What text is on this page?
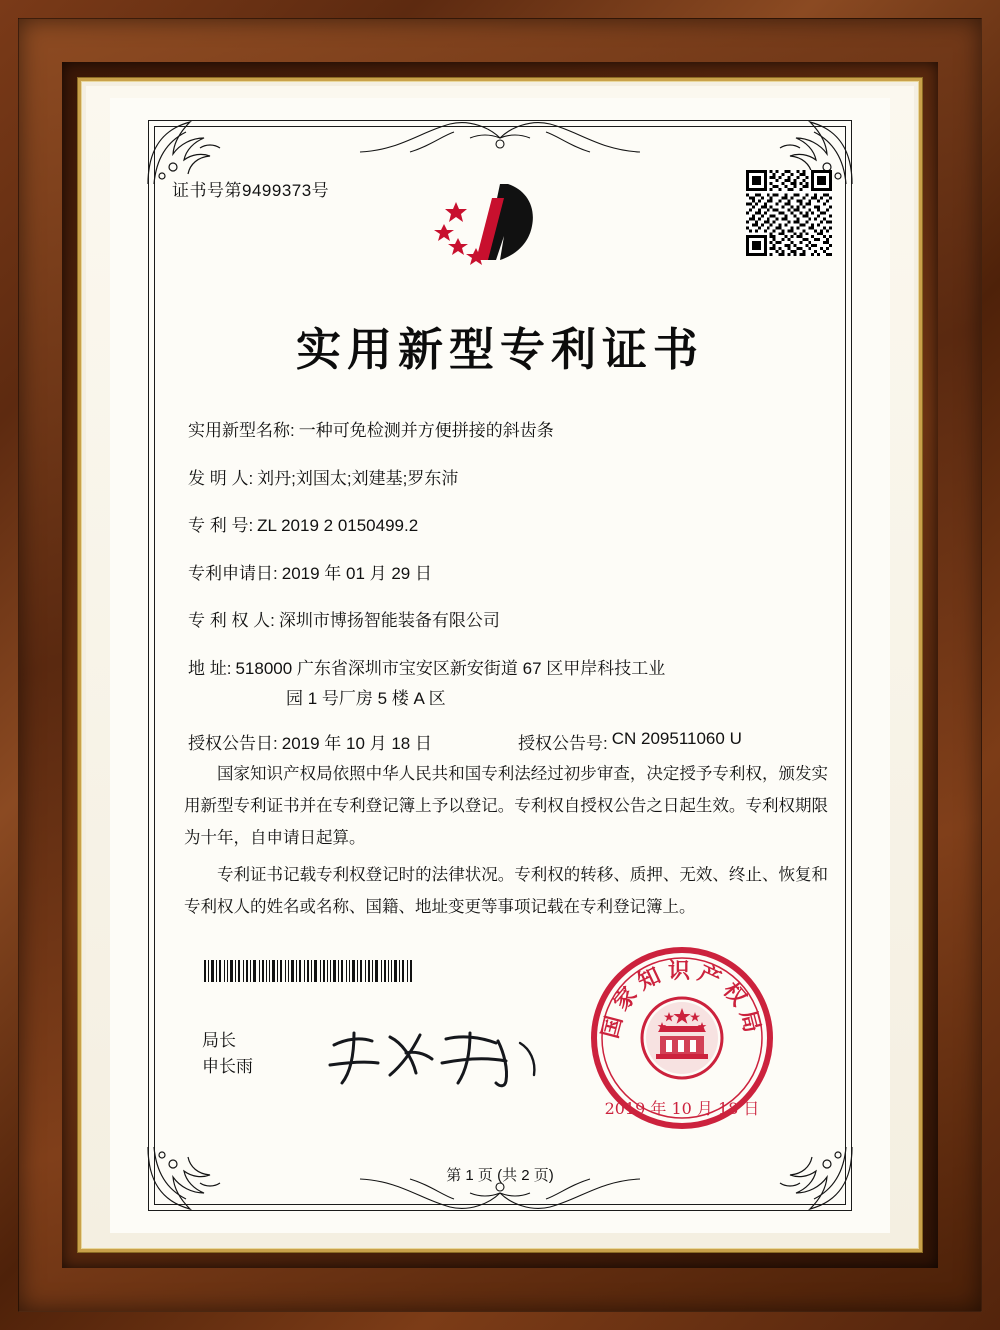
证书号第9499373号
实用新型专利证书
实用新型名称: 一种可免检测并方便拼接的斜齿条
发 明 人: 刘丹;刘国太;刘建基;罗东沛
专 利 号: ZL 2019 2 0150499.2
专利申请日: 2019 年 01 月 29 日
专 利 权 人: 深圳市博扬智能装备有限公司
地 址: 518000 广东省深圳市宝安区新安街道 67 区甲岸科技工业
园 1 号厂房 5 楼 A 区
授权公告日: 2019 年 10 月 18 日	授权公告号: CN 209511060 U

国家知识产权局依照中华人民共和国专利法经过初步审查，决定授予专利权，颁发实用新型专利证书并在专利登记簿上予以登记。专利权自授权公告之日起生效。专利权期限为十年，自申请日起算。

专利证书记载专利权登记时的法律状况。专利权的转移、质押、无效、终止、恢复和专利权人的姓名或名称、国籍、地址变更等事项记载在专利登记簿上。

国家知识产权局
2019 年 10 月 18 日
局长
申长雨
第 1 页 (共 2 页)
